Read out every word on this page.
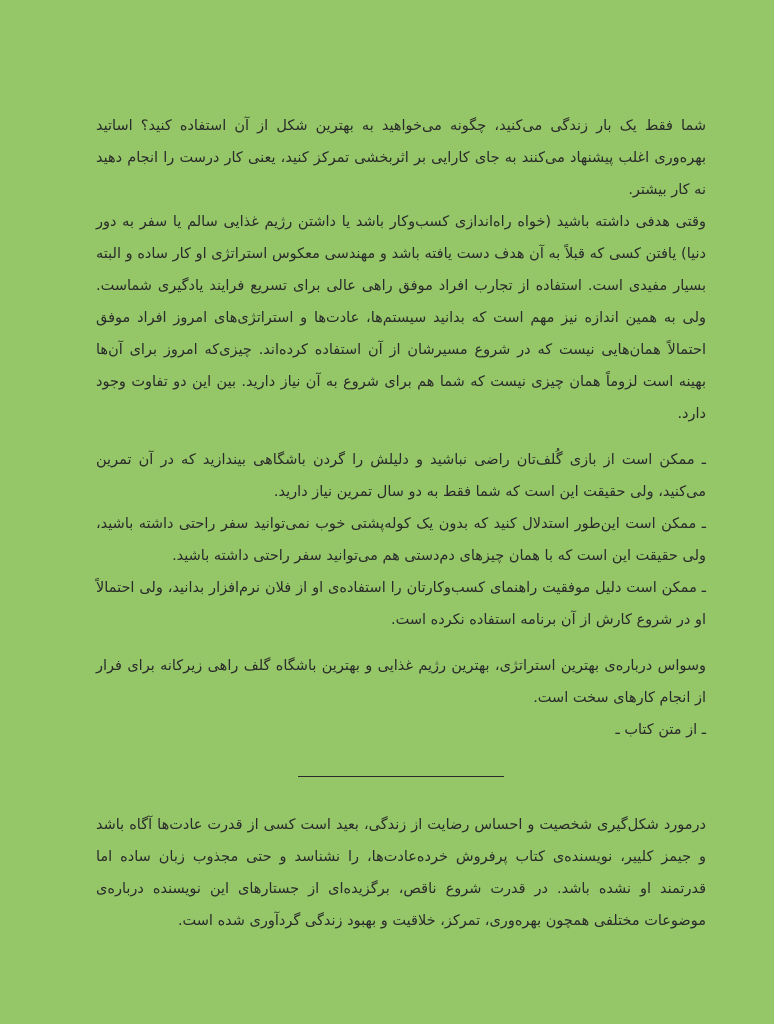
شما فقط یک بار زندگی می‌کنید، چگونه می‌خواهید به بهترین شکل از آن استفاده کنید؟ اساتید بهره‌وری اغلب پیشنهاد می‌کنند به جای کارایی بر اثربخشی تمرکز کنید، یعنی کار درست را انجام دهید نه کار بیشتر.

وقتی هدفی داشته باشید (خواه راه‌اندازی کسب‌وکار باشد یا داشتن رژیم غذایی سالم یا سفر به دور دنیا) یافتن کسی که قبلاً به آن هدف دست یافته باشد و مهندسی معکوس استراتژی او کار ساده و البته بسیار مفیدی است. استفاده از تجارب افراد موفق راهی عالی برای تسریع فرایند یادگیری شماست. ولی به همین اندازه نیز مهم است که بدانید سیستم‌ها، عادت‌ها و استراتژی‌های امروز افراد موفق احتمالاً همان‌هایی نیست که در شروع مسیرشان از آن استفاده کرده‌اند. چیزی‌که امروز برای آن‌ها بهینه است لزوماً همان چیزی نیست که شما هم برای شروع به آن نیاز دارید. بین این دو تفاوت وجود دارد.

ـ ممکن است از بازی گُلف‌تان راضی نباشید و دلیلش را گردن باشگاهی بیندازید که در آن تمرین می‌کنید، ولی حقیقت این است که شما فقط به دو سال تمرین نیاز دارید.

ـ ممکن است این‌طور استدلال کنید که بدون یک کوله‌پشتی خوب نمی‌توانید سفر راحتی داشته باشید، ولی حقیقت این است که با همان چیزهای دم‌دستی هم می‌توانید سفر راحتی داشته باشید.

ـ ممکن است دلیل موفقیت راهنمای کسب‌وکارتان را استفاده‌ی او از فلان نرم‌افزار بدانید، ولی احتمالاً او در شروع کارش از آن برنامه استفاده نکرده است.

وسواس درباره‌ی بهترین استراتژی، بهترین رژیم غذایی و بهترین باشگاه گلف راهی زیرکانه برای فرار از انجام کارهای سخت است.

ـ از متن کتاب ـ

درمورد شکل‌گیری شخصیت و احساس رضایت از زندگی، بعید است کسی از قدرت عادت‌ها آگاه باشد و جیمز کلییر، نویسنده‌ی کتاب پرفروش خرده‌عادت‌ها، را نشناسد و حتی مجذوب زبان ساده اما قدرتمند او نشده باشد. در قدرت شروع ناقص، برگزیده‌ای از جستارهای این نویسنده درباره‌ی موضوعات مختلفی همچون بهره‌وری، تمرکز، خلاقیت و بهبود زندگی گردآوری شده است.
